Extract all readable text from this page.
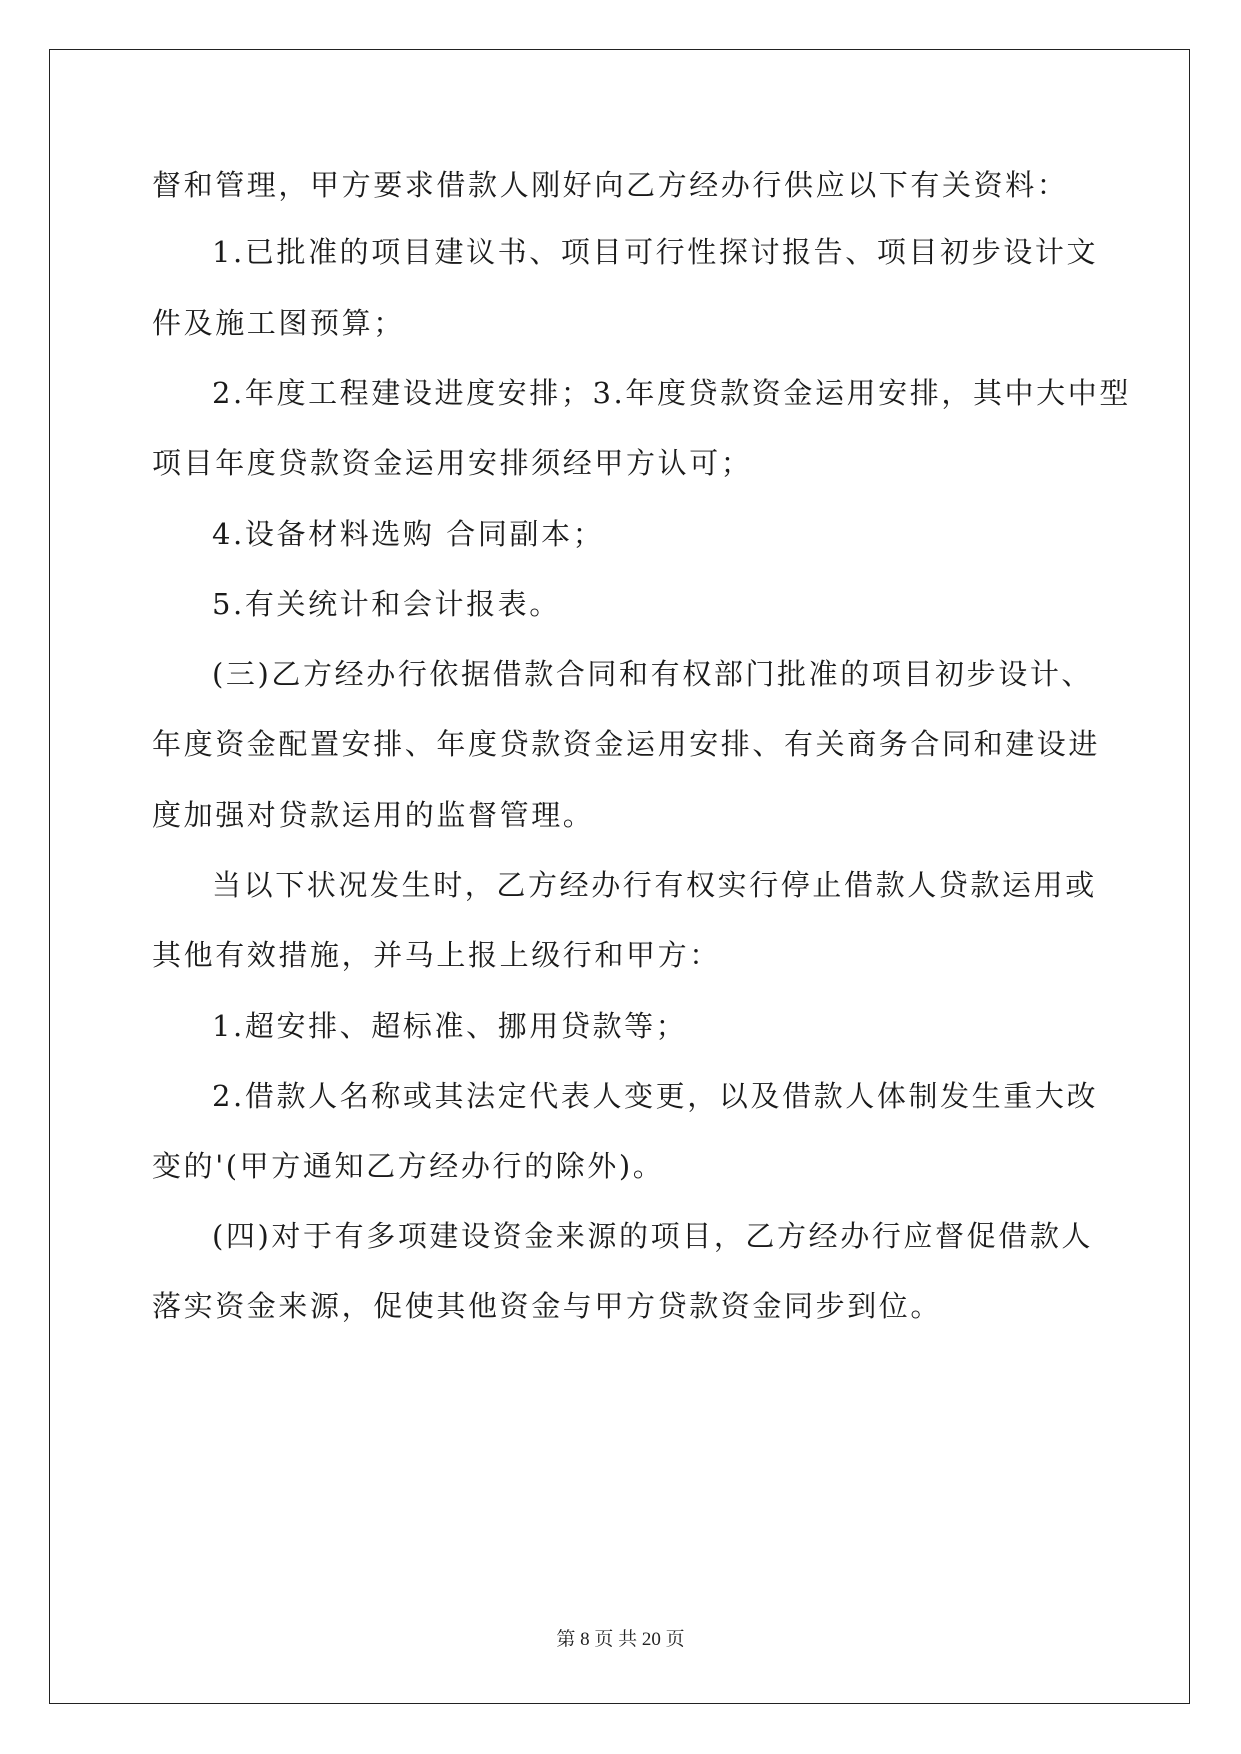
督和管理，甲方要求借款人刚好向乙方经办行供应以下有关资料：
1.已批准的项目建议书、项目可行性探讨报告、项目初步设计文
件及施工图预算；
2.年度工程建设进度安排；3.年度贷款资金运用安排，其中大中型
项目年度贷款资金运用安排须经甲方认可；
4.设备材料选购 合同副本；
5.有关统计和会计报表。
(三)乙方经办行依据借款合同和有权部门批准的项目初步设计、
年度资金配置安排、年度贷款资金运用安排、有关商务合同和建设进
度加强对贷款运用的监督管理。
当以下状况发生时，乙方经办行有权实行停止借款人贷款运用或
其他有效措施，并马上报上级行和甲方：
1.超安排、超标准、挪用贷款等；
2.借款人名称或其法定代表人变更，以及借款人体制发生重大改
变的'(甲方通知乙方经办行的除外)。
(四)对于有多项建设资金来源的项目，乙方经办行应督促借款人
落实资金来源，促使其他资金与甲方贷款资金同步到位。
第 8 页 共 20 页
